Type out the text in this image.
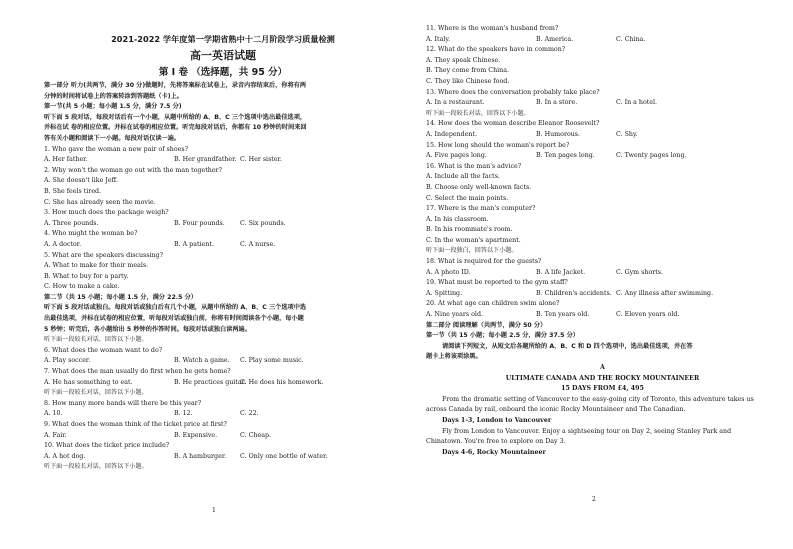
2021-2022 学年度第一学期省熟中十二月阶段学习质量检测
高一英语试题
第 I 卷 （选择题，共 95 分）
第一部分 听力(共两节，满分 30 分)做题时，先将答案标在试卷上，录音内容结束后，你将有两
分钟的时间将试卷上的答案转涂到答题纸（卡)上。
第一节(共 5 小题；每小题 1.5 分，满分 7.5 分)
听下面 5 段对话，每段对话后有一个小题，从题中所给的 A、B、C 三个选项中选出最佳选项，
并标在试 卷的相应位置。并标在试卷的相应位置。听完每段对话后，你都有 10 秒钟的时间来回
答有关小题和阅读下一小题。每段对话仅读一遍。
1. Who gave the woman a new pair of shoes?
A. Her father.	B. Her grandfather. C. Her sister.
2. Why won't the woman go out with the man together?
A. She doesn't like Jeff.
B. She feels tired.
C. She has already seen the movie.
3. How much does the package weigh?
A. Three pounds.	B. Four pounds. C. Six pounds.
4. Who might the woman be?
A. A doctor.	B. A patient.	C. A nurse.
5. What are the speakers discussing?
A. What to make for their meals.
B. What to buy for a party.
C. How to make a cake.
第二节（共 15 小题；每小题 1.5 分，满分 22.5 分）
听下面 5 段对话或独白。每段对话或独白后有几个小题，从题中所给的 A、B、C 三个选项中选
出最佳选项，并标在试卷的相应位置，听每段对话或独白前，你将有时间阅读各个小题，每小题
5 秒钟；听完后，各小题给出 5 秒钟的作答时间。每段对话或独白读两遍。
听下面一段较长对话，回答以下小题。
6. What does the woman want to do?
A. Play soccer.	B. Watch a game. C. Play some music.
7. What does the man usually do first when he gets home?
A. He has something to eat.	B. He practices guitar.
C. He does his homework.
听下面一段较长对话，回答以下小题。
8. How many more bands will there be this year?
A. 10.	B. 12.	C. 22.
9. What does the woman think of the ticket price at first?
A. Fair.	B. Expensive.	C. Cheap.
10. What does the ticket price include?
A. A hot dog.	B. A hamburger. C. Only one bottle of water.
听下面一段较长对话，回答以下小题。
1
11. Where is the woman's husband from?
A. Italy.	B. America.	C. China.
12. What do the speakers have in common?
A. They speak Chinese.
B. They come from China.
C. They like Chinese food.
13. Where does the conversation probably take place?
A. In a restaurant.	B. In a store.	C. In a hotel.
听下面一段较长对话，回答以下小题。
14. How does the woman describe Eleanor Roosevelt?
A. Independent.	B. Humorous.	C. Shy.
15. How long should the woman's report be?
A. Five pages long.	B. Ten pages long.	C. Twenty pages long.
16. What is the man's advice?
A. Include all the facts.
B. Choose only well-known facts.
C. Select the main points.
17. Where is the man's computer?
A. In his classroom.
B. In his roommate's room.
C. In the woman's apartment.
听下面一段独白，回答以下小题。
18. What is required for the guests?
A. A photo ID.	B. A life Jacket.	C. Gym shorts.
19. What must be reported to the gym staff?
A. Spitting.	B. Children's accidents. C. Any illness after swimming.
20. At what age can children swim alone?
A. Nine years old.	B. Ten years old.	C. Eleven years old.
第二部分 阅读理解（共两节，满分 50 分）
第一节（共 15 小题；每小题 2.5 分，满分 37.5 分）
请阅读下列短文，从短文后各题所给的 A、B、C 和 D 四个选项中，选出最佳选项，并在答
题卡上将该项涂黑。
A
ULTIMATE CANADA AND THE ROCKY MOUNTAINEER
15 DAYS FROM £4, 495
From the dramatic setting of Vancouver to the easy-going city of Toronto, this adventure takes us
across Canada by rail, onboard the iconic Rocky Mountaineer and The Canadian.
Days 1-3, London to Vancouver
Fly from London to Vancouver. Enjoy a sightseeing tour on Day 2, seeing Stanley Park and
Chinatown. You're free to explore on Day 3.
Days 4-6, Rocky Mountaineer
2
